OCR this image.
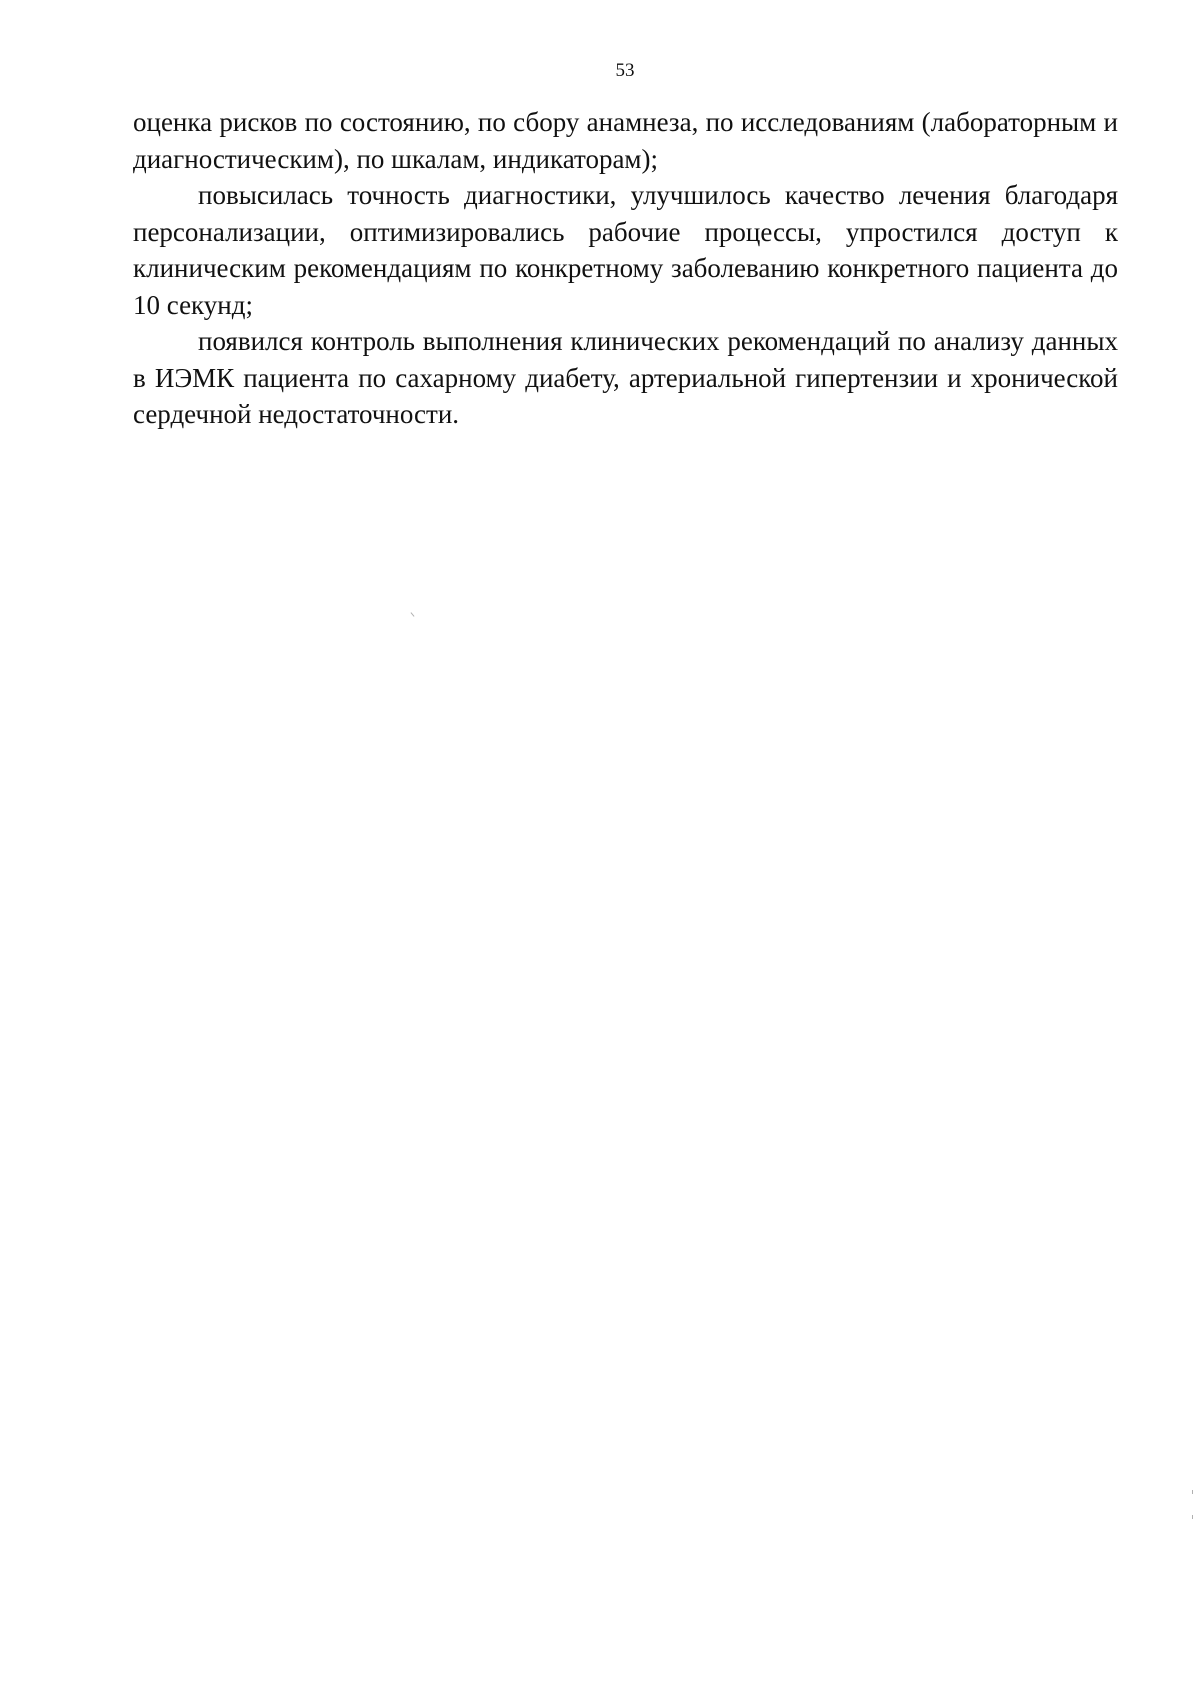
53

оценка рисков по состоянию, по сбору анамнеза, по исследованиям (лабораторным и диагностическим), по шкалам, индикаторам);

повысилась точность диагностики, улучшилось качество лечения благодаря персонализации, оптимизировались рабочие процессы, упростился доступ к клиническим рекомендациям по конкретному заболеванию конкретного пациента до 10 секунд;

появился контроль выполнения клинических рекомендаций по анализу данных в ИЭМК пациента по сахарному диабету, артериальной гипертензии и хронической сердечной недостаточности.
